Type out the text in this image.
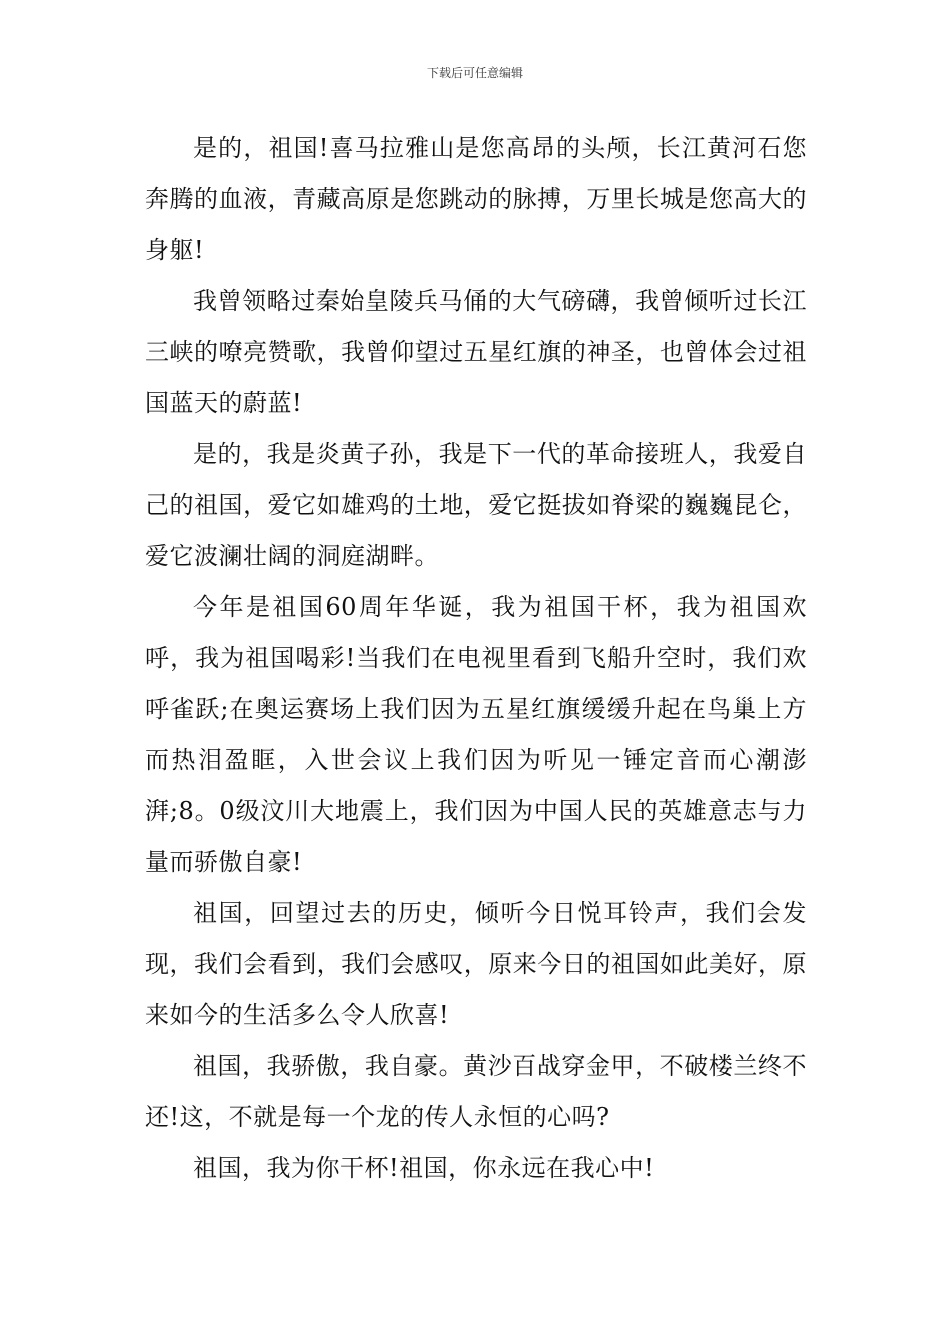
下载后可任意编辑

是的，祖国!喜马拉雅山是您高昂的头颅，长江黄河石您奔腾的血液，青藏高原是您跳动的脉搏，万里长城是您高大的身躯!

我曾领略过秦始皇陵兵马俑的大气磅礴，我曾倾听过长江三峡的嘹亮赞歌，我曾仰望过五星红旗的神圣，也曾体会过祖国蓝天的蔚蓝!

是的，我是炎黄子孙，我是下一代的革命接班人，我爱自己的祖国，爱它如雄鸡的土地，爱它挺拔如脊梁的巍巍昆仑，爱它波澜壮阔的洞庭湖畔。

今年是祖国60周年华诞，我为祖国干杯，我为祖国欢呼，我为祖国喝彩!当我们在电视里看到飞船升空时，我们欢呼雀跃;在奥运赛场上我们因为五星红旗缓缓升起在鸟巢上方而热泪盈眶，入世会议上我们因为听见一锤定音而心潮澎湃;8。0级汶川大地震上，我们因为中国人民的英雄意志与力量而骄傲自豪!

祖国，回望过去的历史，倾听今日悦耳铃声，我们会发现，我们会看到，我们会感叹，原来今日的祖国如此美好，原来如今的生活多么令人欣喜!

祖国，我骄傲，我自豪。黄沙百战穿金甲，不破楼兰终不还!这，不就是每一个龙的传人永恒的心吗?

祖国，我为你干杯!祖国，你永远在我心中!
